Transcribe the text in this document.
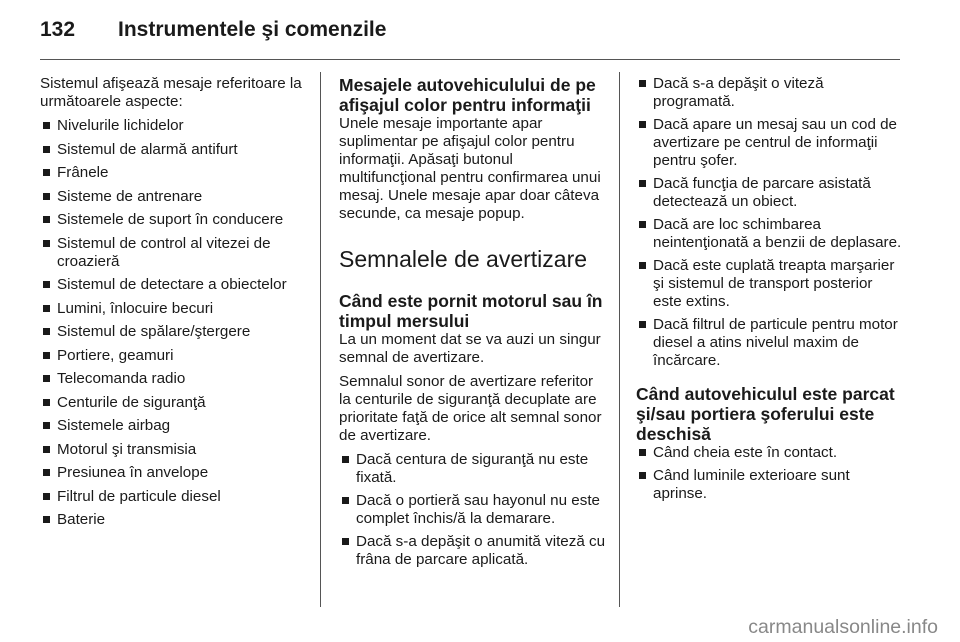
132 Instrumentele şi comenzile

Sistemul afişează mesaje referitoare la următoarele aspecte:

Nivelurile lichidelor
Sistemul de alarmă antifurt
Frânele
Sisteme de antrenare
Sistemele de suport în conducere
Sistemul de control al vitezei de croazieră
Sistemul de detectare a obiectelor
Lumini, înlocuire becuri
Sistemul de spălare/ştergere
Portiere, geamuri
Telecomanda radio
Centurile de siguranţă
Sistemele airbag
Motorul şi transmisia
Presiunea în anvelope
Filtrul de particule diesel
Baterie
Mesajele autovehiculului de pe afişajul color pentru informaţii

Unele mesaje importante apar suplimentar pe afişajul color pentru informaţii. Apăsaţi butonul multifuncţional pentru confirmarea unui mesaj. Unele mesaje apar doar câteva secunde, ca mesaje popup.

Semnalele de avertizare
Când este pornit motorul sau în timpul mersului

La un moment dat se va auzi un singur semnal de avertizare.

Semnalul sonor de avertizare referitor la centurile de siguranţă decuplate are prioritate faţă de orice alt semnal sonor de avertizare.

Dacă centura de siguranţă nu este fixată.
Dacă o portieră sau hayonul nu este complet închis/ă la demarare.
Dacă s-a depăşit o anumită viteză cu frâna de parcare aplicată.
Dacă s-a depăşit o viteză programată.
Dacă apare un mesaj sau un cod de avertizare pe centrul de informaţii pentru şofer.
Dacă funcţia de parcare asistată detectează un obiect.
Dacă are loc schimbarea neintenţionată a benzii de deplasare.
Dacă este cuplată treapta marşarier şi sistemul de transport posterior este extins.
Dacă filtrul de particule pentru motor diesel a atins nivelul maxim de încărcare.
Când autovehiculul este parcat şi/sau portiera şoferului este deschisă
Când cheia este în contact.
Când luminile exterioare sunt aprinse.
carmanualsonline.info
